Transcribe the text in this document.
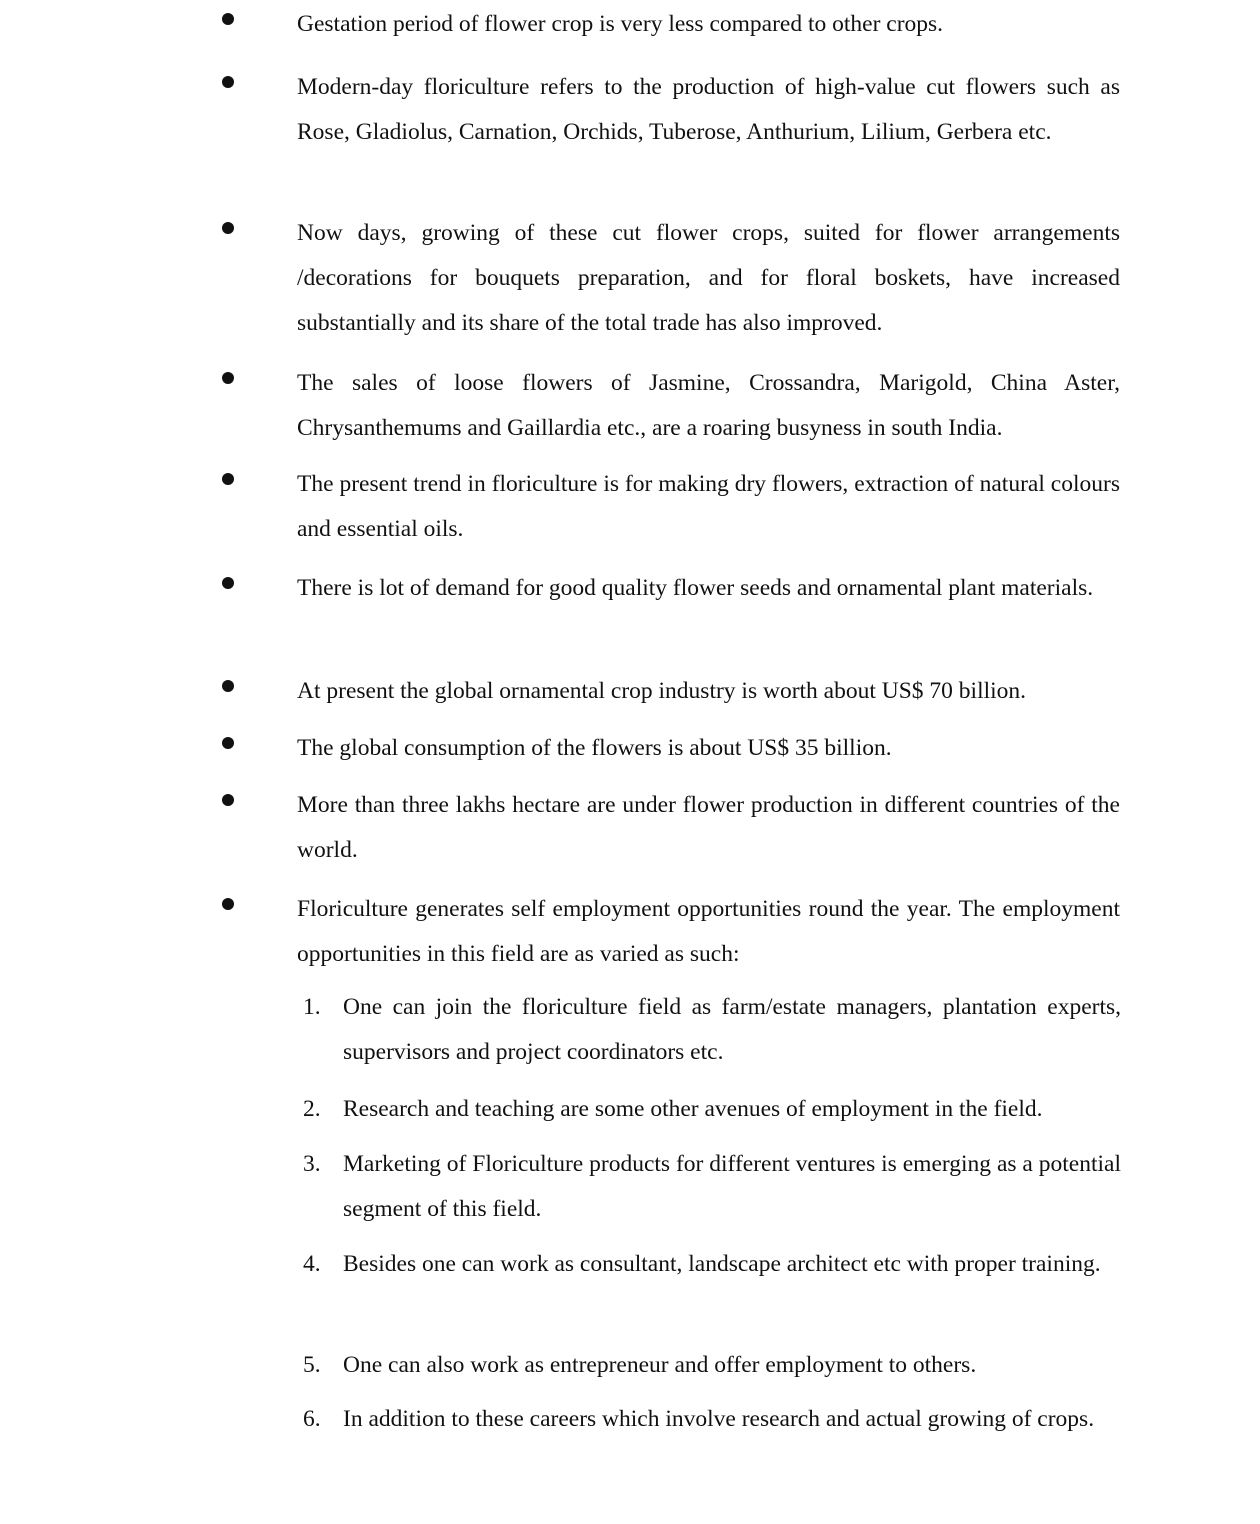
Gestation period of flower crop is very less compared to other crops.
Modern-day floriculture refers to the production of high-value cut flowers such as Rose, Gladiolus, Carnation, Orchids, Tuberose, Anthurium, Lilium, Gerbera etc.
Now days, growing of these cut flower crops, suited for flower arrangements /decorations for bouquets preparation, and for floral boskets, have increased substantially and its share of the total trade has also improved.
The sales of loose flowers of Jasmine, Crossandra, Marigold, China Aster, Chrysanthemums and Gaillardia etc., are a roaring busyness in south India.
The present trend in floriculture is for making dry flowers, extraction of natural colours and essential oils.
There is lot of demand for good quality flower seeds and ornamental plant materials.
At present the global ornamental crop industry is worth about US$ 70 billion.
The global consumption of the flowers is about US$ 35 billion.
More than three lakhs hectare are under flower production in different countries of the world.
Floriculture generates self employment opportunities round the year. The employment opportunities in this field are as varied as such:
1. One can join the floriculture field as farm/estate managers, plantation experts, supervisors and project coordinators etc.
2. Research and teaching are some other avenues of employment in the field.
3. Marketing of Floriculture products for different ventures is emerging as a potential segment of this field.
4. Besides one can work as consultant, landscape architect etc with proper training.
5. One can also work as entrepreneur and offer employment to others.
6. In addition to these careers which involve research and actual growing of crops.
